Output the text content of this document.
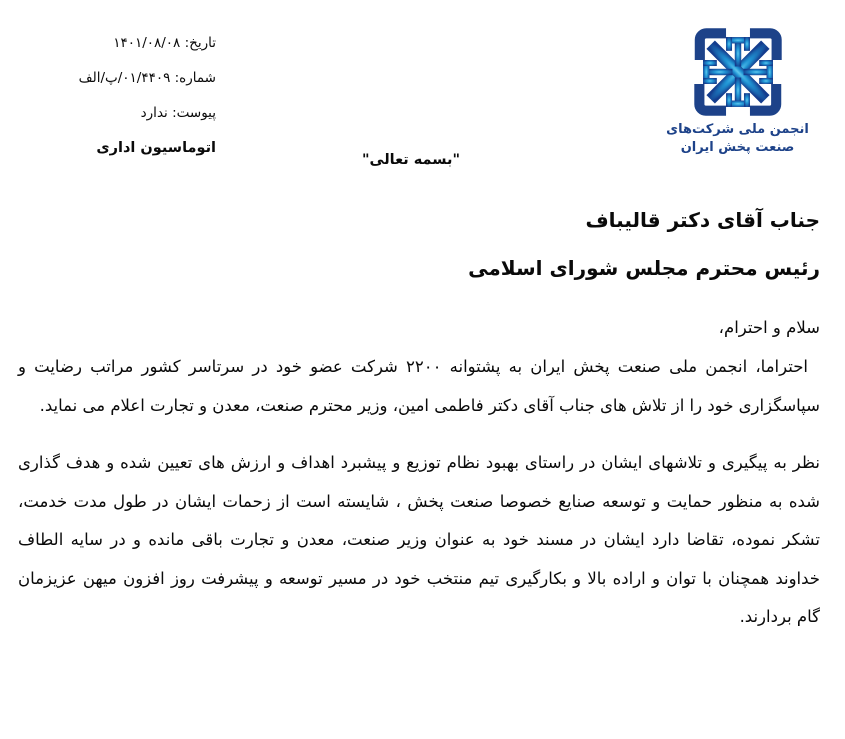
تاریخ: ۱۴۰۱/۰۸/۰۸
شماره: ۰۱/۴۴۰۹/پ/الف
پیوست: ندارد
اتوماسیون اداری
انجمن ملی شرکت‌های
صنعت پخش ایران
"بسمه تعالی"
جناب آقای دکتر قالیباف
رئیس محترم مجلس شورای اسلامی
سلام و احترام،

احتراما، انجمن ملی صنعت پخش ایران به پشتوانه ۲۲۰۰ شرکت عضو خود در سرتاسر کشور مراتب رضایت و سپاسگزاری خود را از تلاش های جناب آقای دکتر فاطمی امین، وزیر محترم صنعت، معدن و تجارت اعلام می نماید.

نظر به پیگیری و تلاشهای ایشان در راستای بهبود نظام توزیع و پیشبرد اهداف و ارزش های تعیین شده و هدف گذاری شده به منظور حمایت و توسعه صنایع خصوصا صنعت پخش ، شایسته است از زحمات ایشان در طول مدت خدمت، تشکر نموده، تقاضا دارد ایشان در مسند خود به عنوان وزیر صنعت، معدن و تجارت باقی مانده و در سایه الطاف خداوند همچنان با توان و اراده بالا و بکارگیری تیم منتخب خود در مسیر توسعه و پیشرفت روز افزون میهن عزیزمان گام بردارند.
